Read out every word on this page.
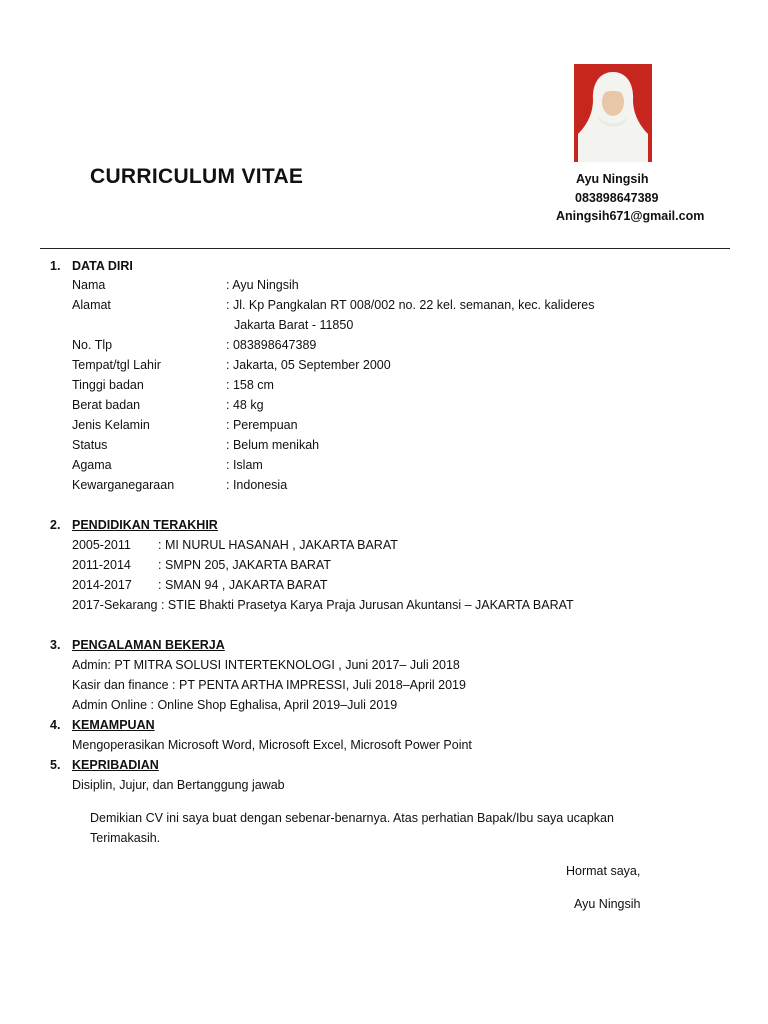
CURRICULUM VITAE	Ayu Ningsih
083898647389
Aningsih671@gmail.com
1. DATA DIRI
Nama	: Ayu Ningsih
Alamat	: Jl. Kp Pangkalan RT 008/002 no. 22 kel. semanan, kec. kalideres
Jakarta Barat - 11850
No. Tlp	: 083898647389
Tempat/tgl Lahir	: Jakarta, 05 September 2000
Tinggi badan	: 158 cm
Berat badan	: 48 kg
Jenis Kelamin	: Perempuan
Status	: Belum menikah
Agama	: Islam
Kewarganegaraan	: Indonesia
2. PENDIDIKAN TERAKHIR
2005-2011 : MI NURUL HASANAH , JAKARTA BARAT
2011-2014 : SMPN 205, JAKARTA BARAT
2014-2017 : SMAN 94 , JAKARTA BARAT
2017-Sekarang : STIE Bhakti Prasetya Karya Praja Jurusan Akuntansi – JAKARTA BARAT
3. PENGALAMAN BEKERJA
Admin: PT MITRA SOLUSI INTERTEKNOLOGI , Juni 2017– Juli 2018
Kasir dan finance : PT PENTA ARTHA IMPRESSI, Juli 2018–April 2019
Admin Online : Online Shop Eghalisa, April 2019–Juli 2019
4. KEMAMPUAN
Mengoperasikan Microsoft Word, Microsoft Excel, Microsoft Power Point
5. KEPRIBADIAN
Disiplin, Jujur, dan Bertanggung jawab
Demikian CV ini saya buat dengan sebenar-benarnya. Atas perhatian Bapak/Ibu saya ucapkan
Terimakasih.
Hormat saya,
Ayu Ningsih
